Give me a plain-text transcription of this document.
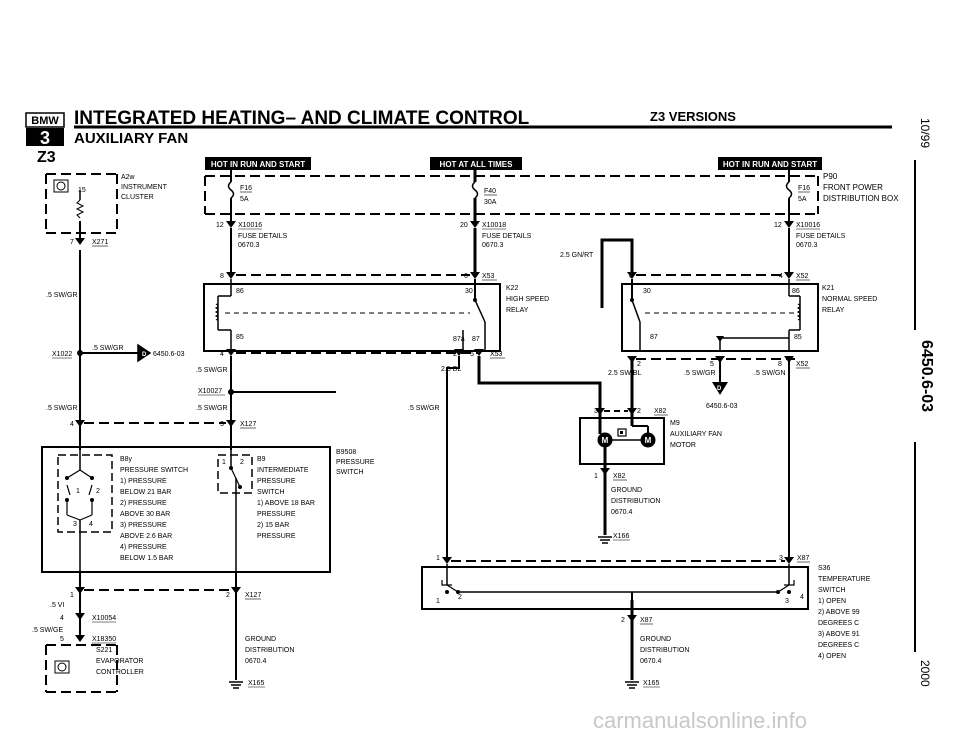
BMW
3
INTEGRATED HEATING– AND CLIMATE CONTROL
AUXILIARY FAN
Z3
Z3 VERSIONS
10/99
6450.6-03
2000
HOT IN RUN AND START	HOT AT ALL TIMES	HOT IN RUN AND START
P90
FRONT POWER
DISTRIBUTION BOX
F16
5A
F40
30A
F16
5A
12 X10016
FUSE DETAILS
0670.3
20 X10018
FUSE DETAILS
0670.3
12 X10016
FUSE DETAILS
0670.3
15
7	X271
A2w
INSTRUMENT
CLUSTER
.5 SW/GR
.5 SW/GR
.5 SW/GR
X1022	D 6450.6-03
8	6 X53
86	30
85	87a 87
K22
HIGH SPEED
RELAY
4	2 5 X53
.5 SW/GR	2.5 BL
X10027
.5 SW/GR	.5 SW/GR
2.5 GN/RT
6	4 X52
30	86
87	85
K21
NORMAL SPEED
RELAY
2	5	8 X52
2.5 SW/BL	.5 SW/GR	.5 SW/GN
D
6450.6-03
4	3 X127
B9508
PRESSURE
SWITCH
1 2
3 4
B8y
PRESSURE SWITCH
1) PRESSURE
BELOW 21 BAR
2) PRESSURE
ABOVE 30 BAR
3) PRESSURE
ABOVE 2.6 BAR
4) PRESSURE
BELOW 1.5 BAR
1 2 B9
INTERMEDIATE
PRESSURE
SWITCH
1) ABOVE 18 BAR
PRESSURE
2) 15 BAR
PRESSURE
3	2 X82
M	M
M9
AUXILIARY FAN
MOTOR
1 X82
GROUND
DISTRIBUTION
0670.4
X166
1	2 X127
.5 VI
4	X10054
.5 SW/GE
5	X18350
S221
EVAPORATOR
CONTROLLER
GROUND
DISTRIBUTION
0670.4
X165
1	3 X87
1
2
3
4
S36
TEMPERATURE
SWITCH
1) OPEN
2) ABOVE 99
DEGREES C
3) ABOVE 91
DEGREES C
4) OPEN
2 X87
GROUND
DISTRIBUTION
0670.4
X165
carmanualsonline.info
